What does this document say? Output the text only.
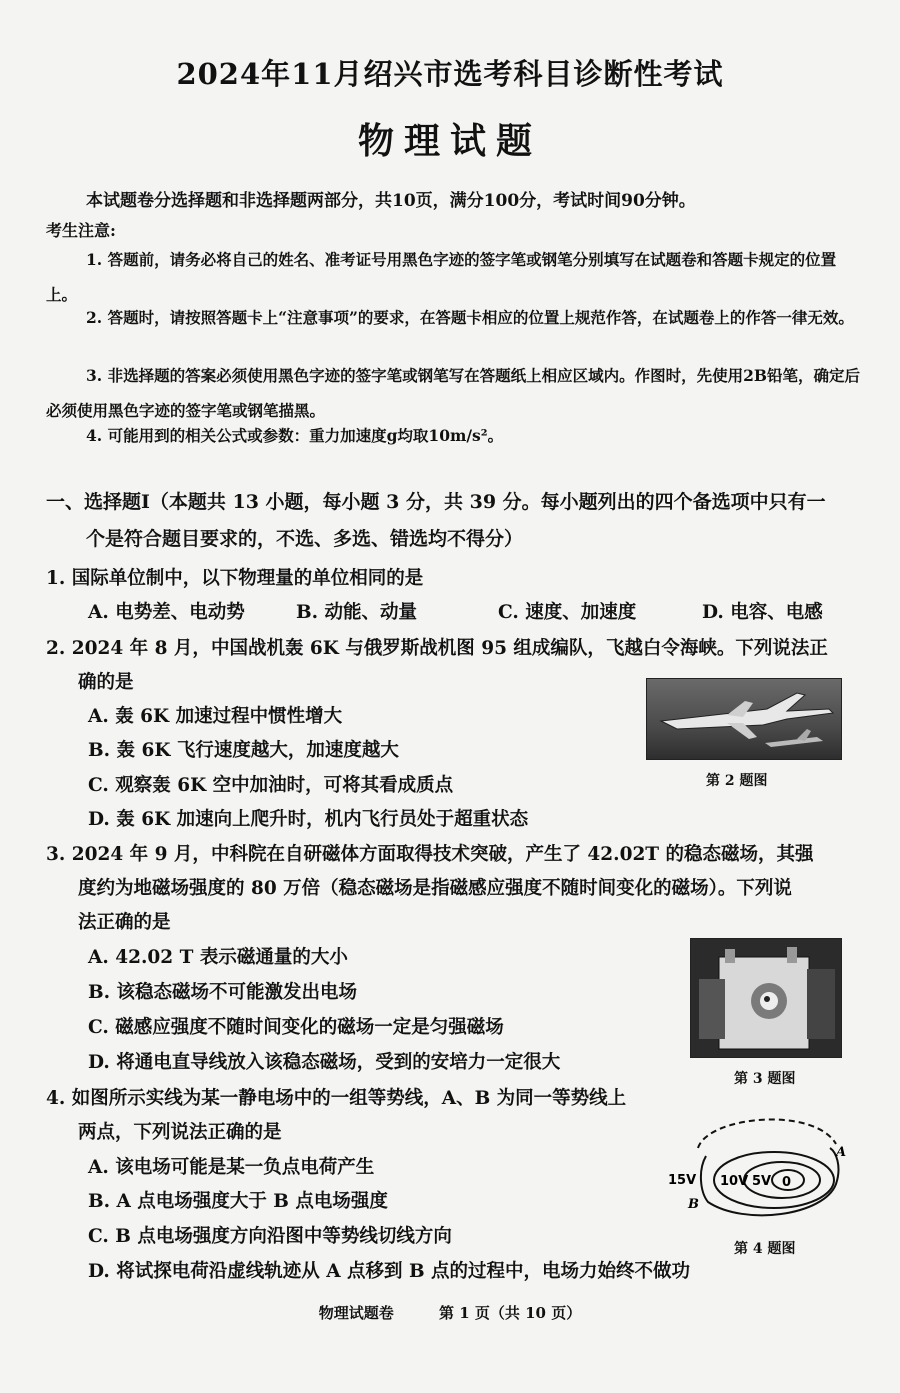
2024年11月绍兴市选考科目诊断性考试
物理试题
本试题卷分选择题和非选择题两部分，共10页，满分100分，考试时间90分钟。
考生注意:
1. 答题前，请务必将自己的姓名、准考证号用黑色字迹的签字笔或钢笔分别填写在试题卷和答题卡规定的位置上。
2. 答题时，请按照答题卡上“注意事项”的要求，在答题卡相应的位置上规范作答，在试题卷上的作答一律无效。
3. 非选择题的答案必须使用黑色字迹的签字笔或钢笔写在答题纸上相应区域内。作图时，先使用2B铅笔，确定后必须使用黑色字迹的签字笔或钢笔描黑。
4. 可能用到的相关公式或参数：重力加速度g均取10m/s²。
一、选择题Ⅰ（本题共 13 小题，每小题 3 分，共 39 分。每小题列出的四个备选项中只有一
个是符合题目要求的，不选、多选、错选均不得分）
1. 国际单位制中，以下物理量的单位相同的是
A. 电势差、电动势	B. 动能、动量	C. 速度、加速度	D. 电容、电感
2. 2024 年 8 月，中国战机轰 6K 与俄罗斯战机图 95 组成编队，飞越白令海峡。下列说法正
确的是
A. 轰 6K 加速过程中惯性增大
B. 轰 6K 飞行速度越大，加速度越大
C. 观察轰 6K 空中加油时，可将其看成质点
D. 轰 6K 加速向上爬升时，机内飞行员处于超重状态
第 2 题图
3. 2024 年 9 月，中科院在自研磁体方面取得技术突破，产生了 42.02T 的稳态磁场，其强
度约为地磁场强度的 80 万倍（稳态磁场是指磁感应强度不随时间变化的磁场）。下列说
法正确的是
A. 42.02 T 表示磁通量的大小
B. 该稳态磁场不可能激发出电场
C. 磁感应强度不随时间变化的磁场一定是匀强磁场
D. 将通电直导线放入该稳态磁场，受到的安培力一定很大
第 3 题图
4. 如图所示实线为某一静电场中的一组等势线，A、B 为同一等势线上
两点，下列说法正确的是
A. 该电场可能是某一负点电荷产生
B. A 点电场强度大于 B 点电场强度
C. B 点电场强度方向沿图中等势线切线方向
D. 将试探电荷沿虚线轨迹从 A 点移到 B 点的过程中，电场力始终不做功
15V 10V 5V 0
A
B
第 4 题图
物理试题卷	第 1 页（共 10 页）
